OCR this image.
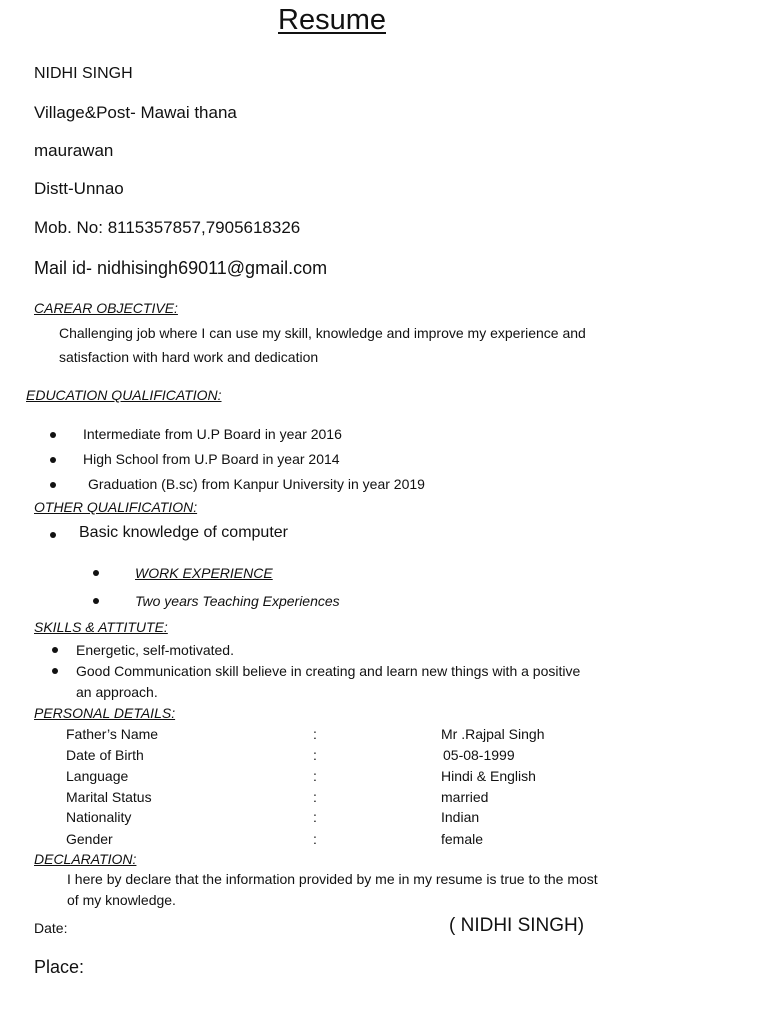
Resume
NIDHI SINGH
Village&Post- Mawai thana
maurawan
Distt-Unnao
Mob. No: 8115357857,7905618326
Mail id- nidhisingh69011@gmail.com
CAREAR OBJECTIVE:
Challenging job where I can use my skill, knowledge and improve my experience and
satisfaction with hard work and dedication
EDUCATION QUALIFICATION:
Intermediate from U.P Board in year 2016
High School from U.P Board in year 2014
Graduation (B.sc) from Kanpur University in year 2019
OTHER QUALIFICATION:
Basic knowledge of computer
WORK EXPERIENCE
Two years Teaching Experiences
SKILLS & ATTITUTE:
Energetic, self-motivated.
Good Communication skill believe in creating and learn new things with a positive
an approach.
PERSONAL DETAILS:
Father’s Name	:	Mr .Rajpal Singh
Date of Birth	:	05-08-1999
Language	:	Hindi & English
Marital Status	:	married
Nationality	:	Indian
Gender	:	female
DECLARATION:
I here by declare that the information provided by me in my resume is true to the most
of my knowledge.
Date:	( NIDHI SINGH)
Place:
